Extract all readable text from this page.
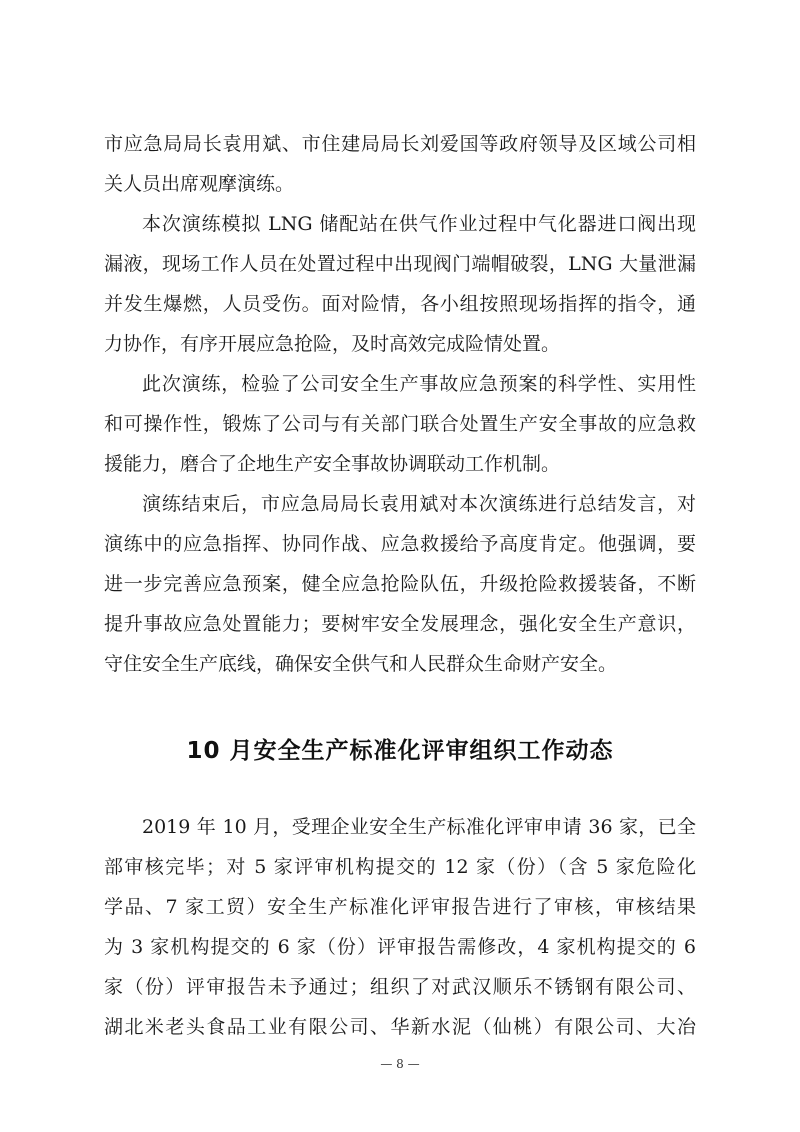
市应急局局长袁用斌、市住建局局长刘爱国等政府领导及区域公司相
关人员出席观摩演练。
本次演练模拟 LNG 储配站在供气作业过程中气化器进口阀出现
漏液，现场工作人员在处置过程中出现阀门端帽破裂，LNG 大量泄漏
并发生爆燃，人员受伤。面对险情，各小组按照现场指挥的指令，通
力协作，有序开展应急抢险，及时高效完成险情处置。
此次演练，检验了公司安全生产事故应急预案的科学性、实用性
和可操作性，锻炼了公司与有关部门联合处置生产安全事故的应急救
援能力，磨合了企地生产安全事故协调联动工作机制。
演练结束后，市应急局局长袁用斌对本次演练进行总结发言，对
演练中的应急指挥、协同作战、应急救援给予高度肯定。他强调，要
进一步完善应急预案，健全应急抢险队伍，升级抢险救援装备，不断
提升事故应急处置能力；要树牢安全发展理念，强化安全生产意识，
守住安全生产底线，确保安全供气和人民群众生命财产安全。
10 月安全生产标准化评审组织工作动态
2019 年 10 月，受理企业安全生产标准化评审申请 36 家，已全
部审核完毕；对 5 家评审机构提交的 12 家（份）（含 5 家危险化
学品、7 家工贸）安全生产标准化评审报告进行了审核，审核结果
为 3 家机构提交的 6 家（份）评审报告需修改，4 家机构提交的 6
家（份）评审报告未予通过；组织了对武汉顺乐不锈钢有限公司、
湖北米老头食品工业有限公司、华新水泥（仙桃）有限公司、大冶
— 8 —
